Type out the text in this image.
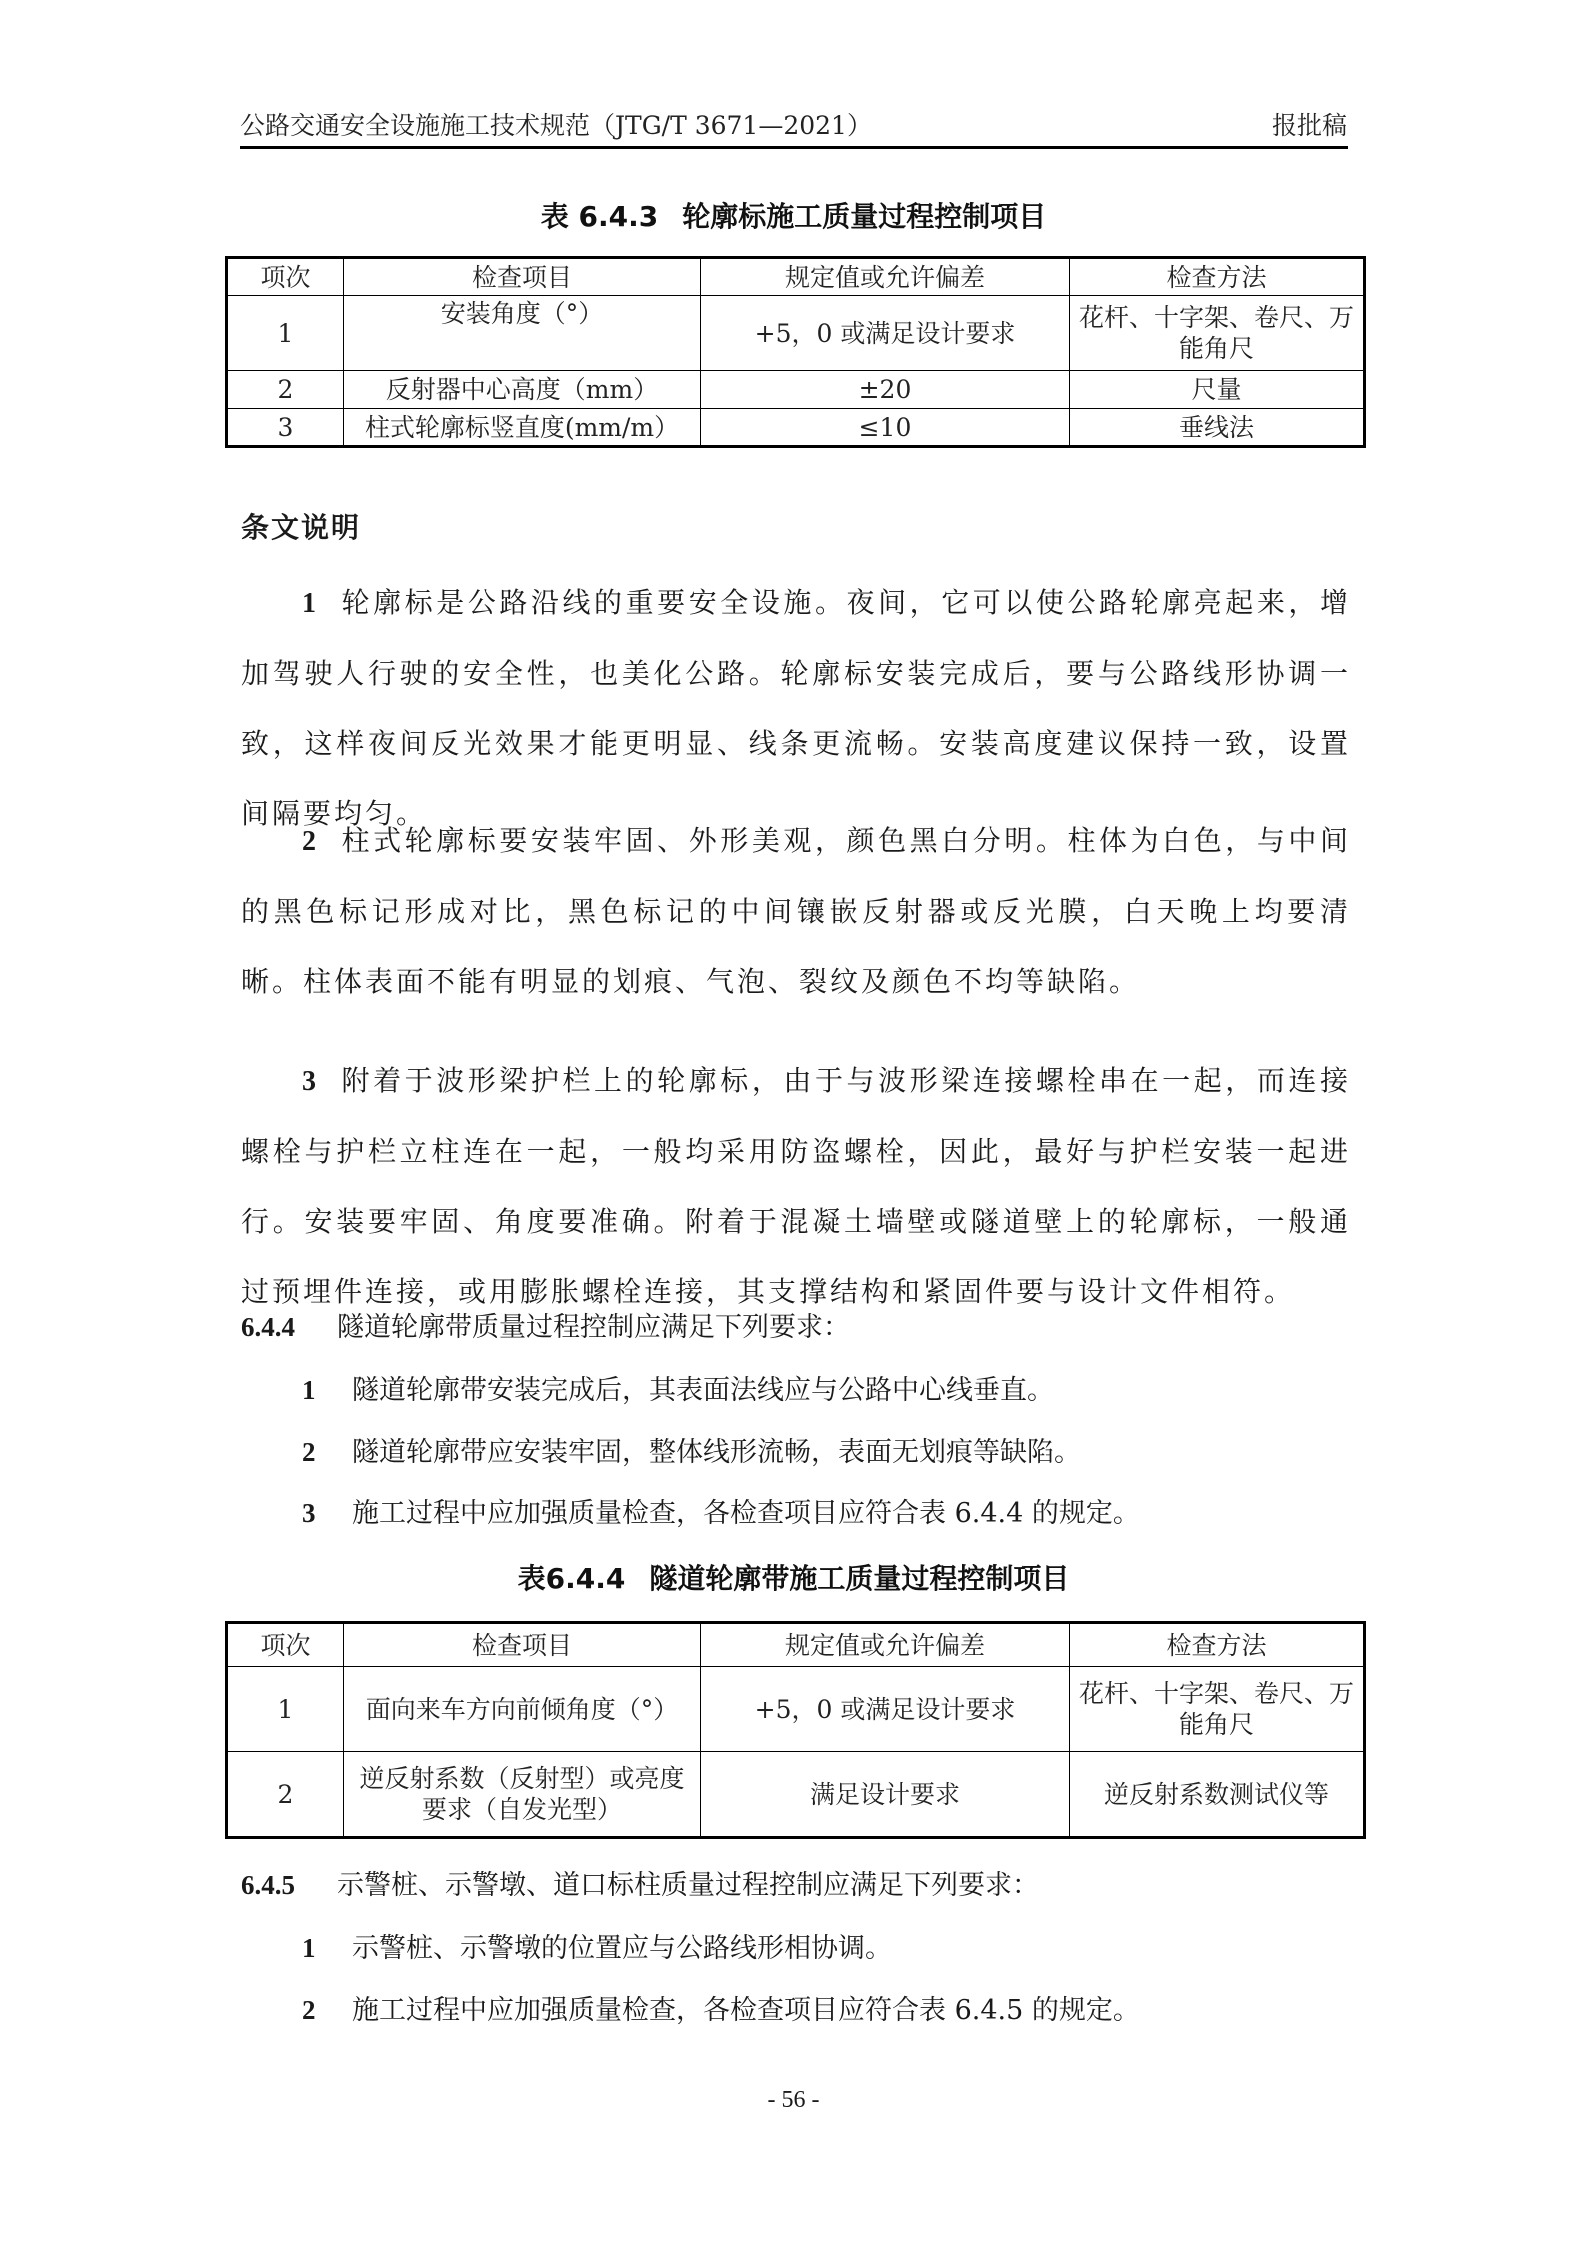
公路交通安全设施施工技术规范（JTG/T 3671—2021）	报批稿
表 6.4.3 轮廓标施工质量过程控制项目
项次	检查项目	规定值或允许偏差	检查方法
1	安装角度（°）	+5，0 或满足设计要求	花杆、十字架、卷尺、万能角尺
2	反射器中心高度（mm）	±20	尺量
3	柱式轮廓标竖直度(mm/m）	≤10	垂线法
条文说明
1 轮廓标是公路沿线的重要安全设施。夜间，它可以使公路轮廓亮起来，增加驾驶人行驶的安全性，也美化公路。轮廓标安装完成后，要与公路线形协调一致，这样夜间反光效果才能更明显、线条更流畅。安装高度建议保持一致，设置间隔要均匀。
2 柱式轮廓标要安装牢固、外形美观，颜色黑白分明。柱体为白色，与中间的黑色标记形成对比，黑色标记的中间镶嵌反射器或反光膜，白天晚上均要清晰。柱体表面不能有明显的划痕、气泡、裂纹及颜色不均等缺陷。
3 附着于波形梁护栏上的轮廓标，由于与波形梁连接螺栓串在一起，而连接螺栓与护栏立柱连在一起，一般均采用防盗螺栓，因此，最好与护栏安装一起进行。安装要牢固、角度要准确。附着于混凝土墙壁或隧道壁上的轮廓标，一般通过预埋件连接，或用膨胀螺栓连接，其支撑结构和紧固件要与设计文件相符。
6.4.4 隧道轮廓带质量过程控制应满足下列要求：
1 隧道轮廓带安装完成后，其表面法线应与公路中心线垂直。
2 隧道轮廓带应安装牢固，整体线形流畅，表面无划痕等缺陷。
3 施工过程中应加强质量检查，各检查项目应符合表 6.4.4 的规定。
表6.4.4 隧道轮廓带施工质量过程控制项目
项次	检查项目	规定值或允许偏差	检查方法
1	面向来车方向前倾角度（°）	+5，0 或满足设计要求	花杆、十字架、卷尺、万能角尺
2	逆反射系数（反射型）或亮度要求（自发光型）	满足设计要求	逆反射系数测试仪等
6.4.5 示警桩、示警墩、道口标柱质量过程控制应满足下列要求：
1 示警桩、示警墩的位置应与公路线形相协调。
2 施工过程中应加强质量检查，各检查项目应符合表 6.4.5 的规定。
- 56 -
